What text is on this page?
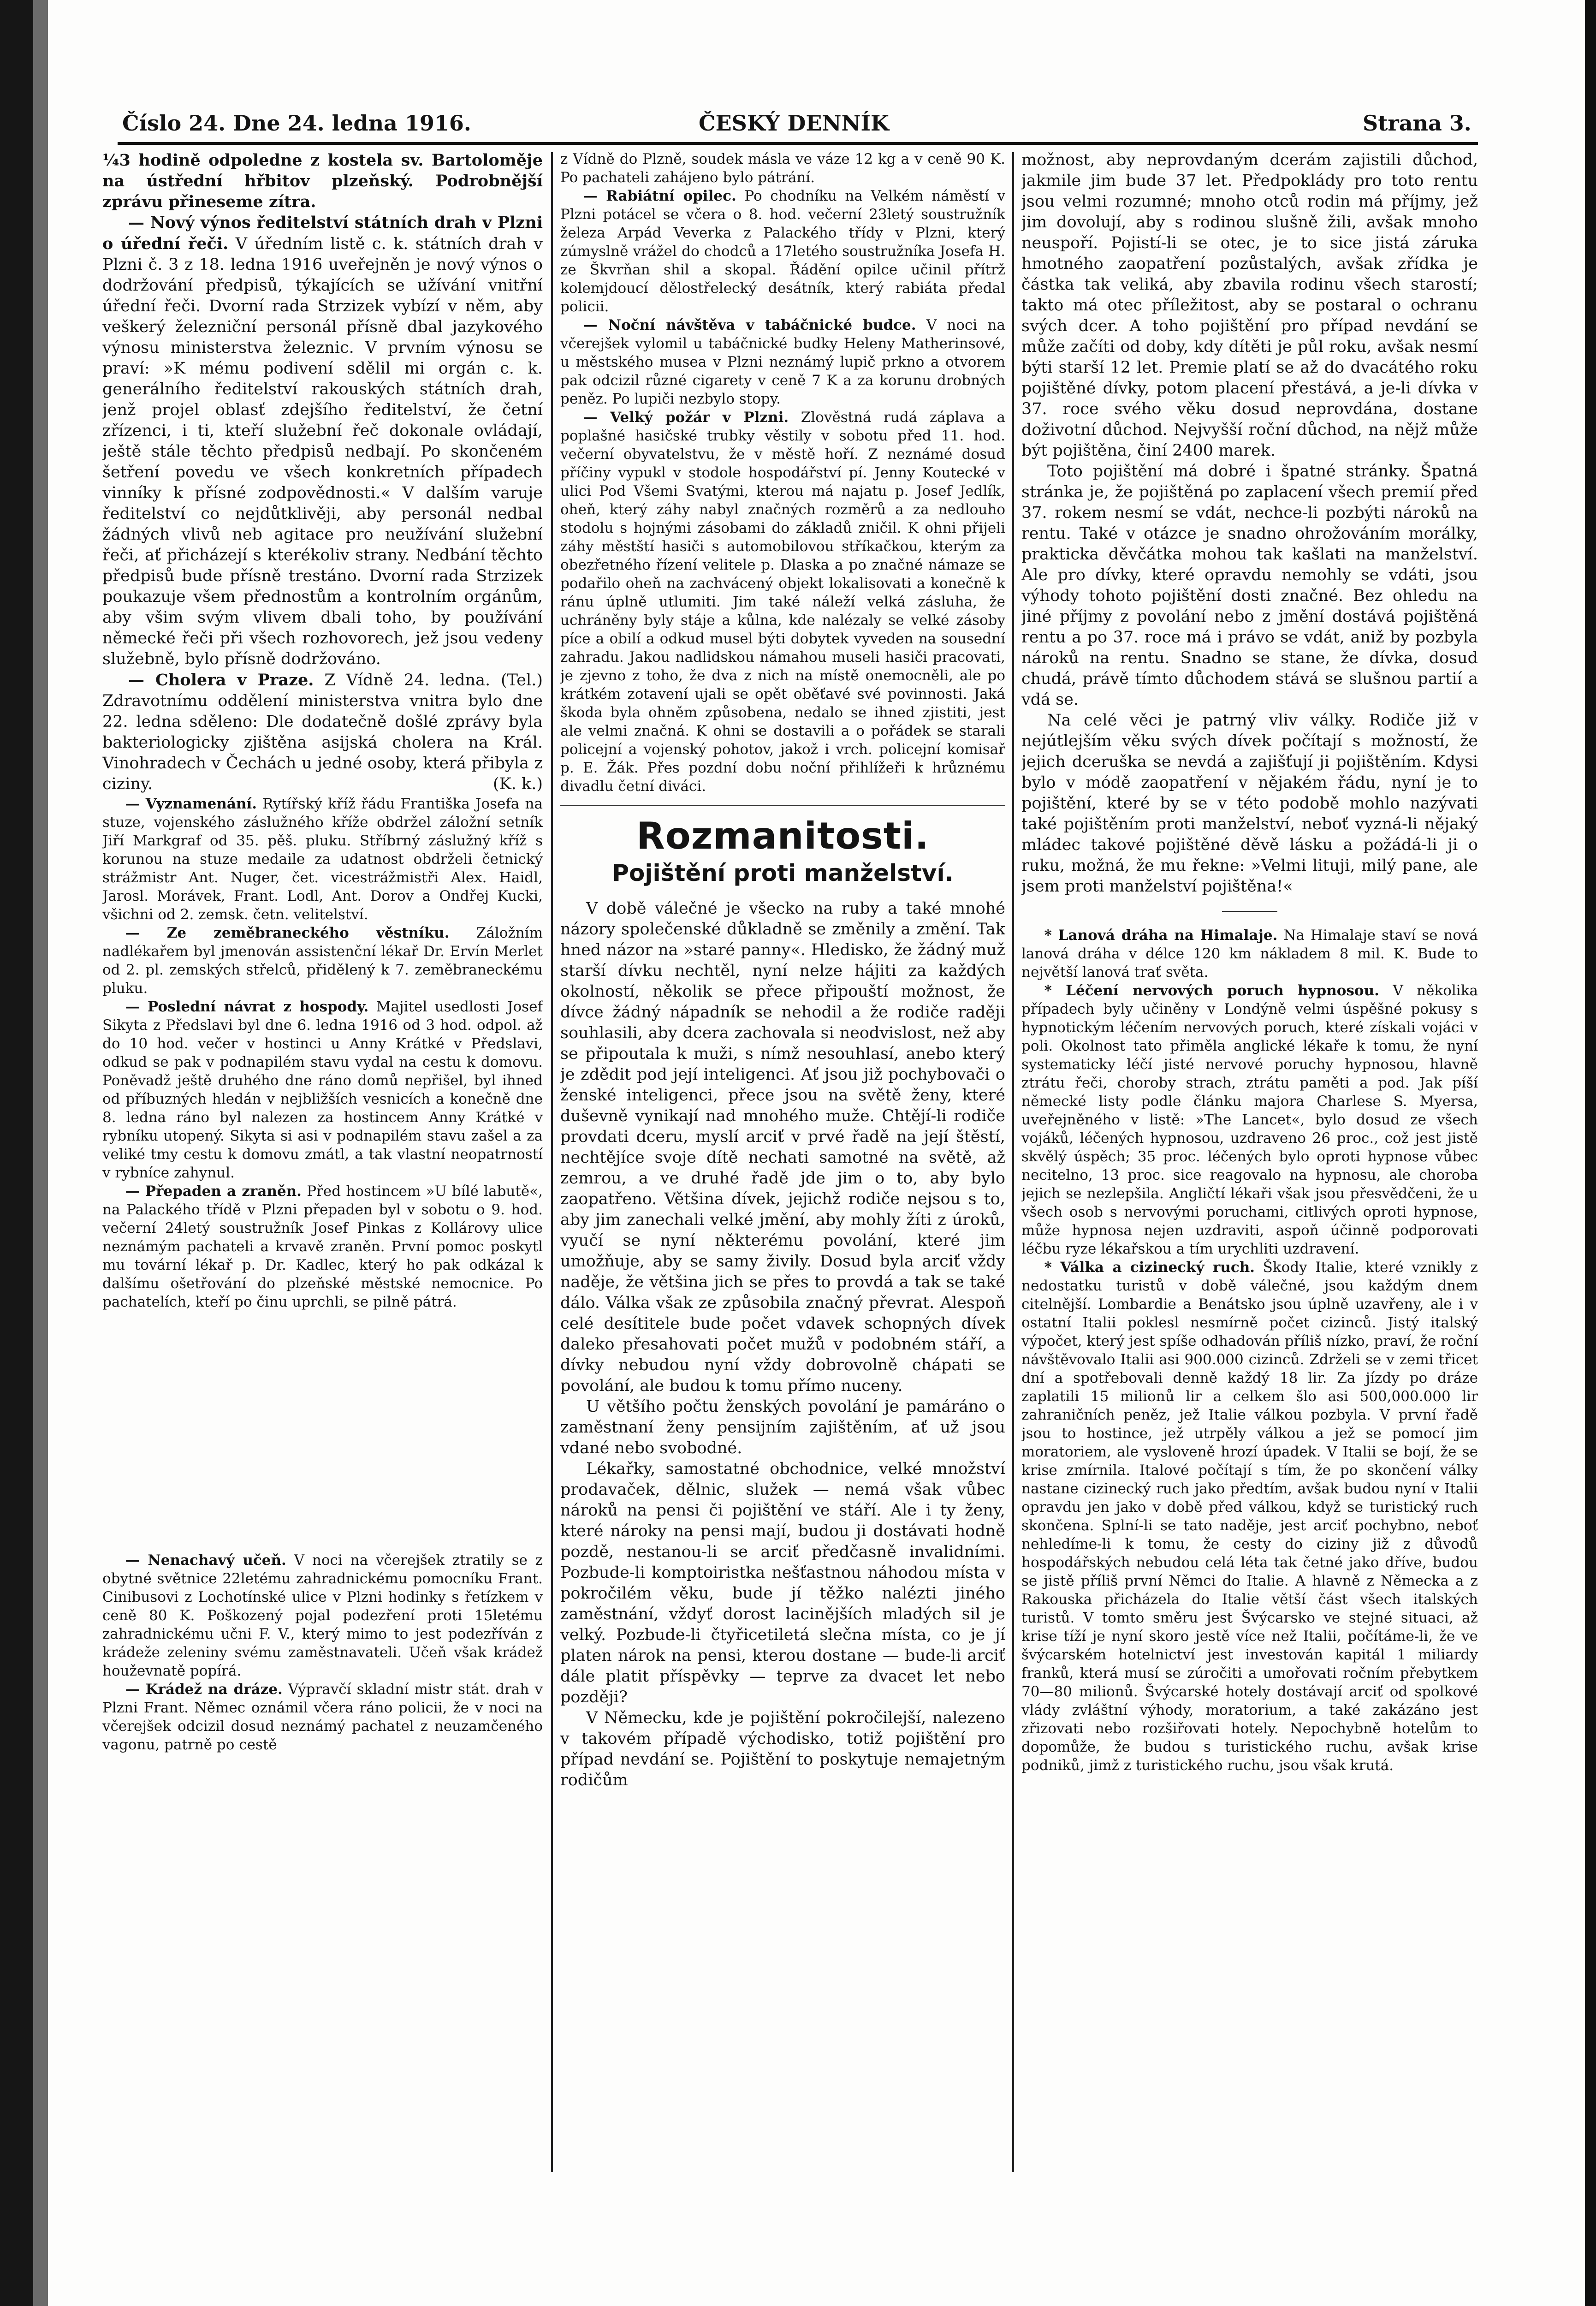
Číslo 24. Dne 24. ledna 1916.	ČESKÝ DENNÍK	Strana 3.

¼3 hodině odpoledne z kostela sv. Bartoloměje na ústřední hřbitov plzeňský. Podrobnější zprávu přineseme zítra.

— Nový výnos ředitelství státních drah v Plzni o úřední řeči. V úředním listě c. k. státních drah v Plzni č. 3 z 18. ledna 1916 uveřejněn je nový výnos o dodržování předpisů, týkajících se užívání vnitřní úřední řeči. Dvorní rada Strzizek vybízí v něm, aby veškerý železniční personál přísně dbal jazykového výnosu ministerstva železnic. V prvním výnosu se praví: »K mému podivení sdělil mi orgán c. k. generálního ředitelství rakouských státních drah, jenž projel oblasť zdejšího ředitelství, že četní zřízenci, i ti, kteří služební řeč dokonale ovládají, ještě stále těchto předpisů nedbají. Po skončeném šetření povedu ve všech konkretních případech vinníky k přísné zodpovědnosti.« V dalším varuje ředitelství co nejdůtklivěji, aby personál nedbal žádných vlivů neb agitace pro neužívání služební řeči, ať přicházejí s kterékoliv strany. Nedbání těchto předpisů bude přísně trestáno. Dvorní rada Strzizek poukazuje všem přednostům a kontrolním orgánům, aby všim svým vlivem dbali toho, by používání německé řeči při všech rozhovorech, jež jsou vedeny služebně, bylo přísně dodržováno.

— Cholera v Praze. Z Vídně 24. ledna. (Tel.) Zdravotnímu oddělení ministerstva vnitra bylo dne 22. ledna sděleno: Dle dodatečně došlé zprávy byla bakteriologicky zjištěna asijská cholera na Král. Vinohradech v Čechách u jedné osoby, která přibyla z ciziny.	(K. k.)

— Vyznamenání. Rytířský kříž řádu Františka Josefa na stuze, vojenského záslužného kříže obdržel záložní setník Jiří Markgraf od 35. pěš. pluku. Stříbrný záslužný kříž s korunou na stuze medaile za udatnost obdrželi četnický strážmistr Ant. Nuger, čet. vicestrážmistři Alex. Haidl, Jarosl. Morávek, Frant. Lodl, Ant. Dorov a Ondřej Kucki, všichni od 2. zemsk. četn. velitelství.

— Ze zeměbraneckého věstníku. Záložním nadlékařem byl jmenován assistenční lékař Dr. Ervín Merlet od 2. pl. zemských střelců, přidělený k 7. zeměbraneckému pluku.

— Poslední návrat z hospody. Majitel usedlosti Josef Sikyta z Předslavi byl dne 6. ledna 1916 od 3 hod. odpol. až do 10 hod. večer v hostinci u Anny Krátké v Předslavi, odkud se pak v podnapilém stavu vydal na cestu k domovu. Poněvadž ještě druhého dne ráno domů nepřišel, byl ihned od příbuzných hledán v nejbližších vesnicích a konečně dne 8. ledna ráno byl nalezen za hostincem Anny Krátké v rybníku utopený. Sikyta si asi v podnapilém stavu zašel a za veliké tmy cestu k domovu zmátl, a tak vlastní neopatrností v rybníce zahynul.

— Přepaden a zraněn. Před hostincem »U bílé labutě«, na Palackého třídě v Plzni přepaden byl v sobotu o 9. hod. večerní 24letý soustružník Josef Pinkas z Kollárovy ulice neznámým pachateli a krvavě zraněn. První pomoc poskytl mu tovární lékař p. Dr. Kadlec, který ho pak odkázal k dalšímu ošetřování do plzeňské městské nemocnice. Po pachatelích, kteří po činu uprchli, se pilně pátrá.

— Nenachavý učeň. V noci na včerejšek ztratily se z obytné světnice 22letému zahradnickému pomocníku Frant. Cinibusovi z Lochotínské ulice v Plzni hodinky s řetízkem v ceně 80 K. Poškozený pojal podezření proti 15letému zahradnickému učni F. V., který mimo to jest podezříván z krádeže zeleniny svému zaměstnavateli. Učeň však krádež houževnatě popírá.

— Krádež na dráze. Výpravčí skladní mistr stát. drah v Plzni Frant. Němec oznámil včera ráno policii, že v noci na včerejšek odcizil dosud neznámý pachatel z neuzamčeného vagonu, patrně po cestě

z Vídně do Plzně, soudek másla ve váze 12 kg a v ceně 90 K. Po pachateli zahájeno bylo pátrání.

— Rabiátní opilec. Po chodníku na Velkém náměstí v Plzni potácel se včera o 8. hod. večerní 23letý soustružník železa Arpád Veverka z Palackého třídy v Plzni, který zúmyslně vrážel do chodců a 17letého soustružníka Josefa H. ze Škvrňan shil a skopal. Řádění opilce učinil přítrž kolemjdoucí dělostřelecký desátník, který rabiáta předal policii.

— Noční návštěva v tabáčnické budce. V noci na včerejšek vylomil u tabáčnické budky Heleny Matherinsové, u městského musea v Plzni neznámý lupič prkno a otvorem pak odcizil různé cigarety v ceně 7 K a za korunu drobných peněz. Po lupiči nezbylo stopy.

— Velký požár v Plzni. Zlověstná rudá záplava a poplašné hasičské trubky věstily v sobotu před 11. hod. večerní obyvatelstvu, že v městě hoří. Z neznámé dosud příčiny vypukl v stodole hospodářství pí. Jenny Koutecké v ulici Pod Všemi Svatými, kterou má najatu p. Josef Jedlík, oheň, který záhy nabyl značných rozměrů a za nedlouho stodolu s hojnými zásobami do základů zničil. K ohni přijeli záhy městští hasiči s automobilovou stříkačkou, kterým za obezřetného řízení velitele p. Dlaska a po značné námaze se podařilo oheň na zachvácený objekt lokalisovati a konečně k ránu úplně utlumiti. Jim také náleží velká zásluha, že uchráněny byly stáje a kůlna, kde nalézaly se velké zásoby píce a obilí a odkud musel býti dobytek vyveden na sousední zahradu. Jakou nadlidskou námahou museli hasiči pracovati, je zjevno z toho, že dva z nich na místě onemocněli, ale po krátkém zotavení ujali se opět oběťavé své povinnosti. Jaká škoda byla ohněm způsobena, nedalo se ihned zjistiti, jest ale velmi značná. K ohni se dostavili a o pořádek se starali policejní a vojenský pohotov, jakož i vrch. policejní komisař p. E. Žák. Přes pozdní dobu noční přihlížeři k hrůznému divadlu četní diváci.

Rozmanitosti.
Pojištění proti manželství.

V době válečné je všecko na ruby a také mnohé názory společenské důkladně se změnily a změní. Tak hned názor na »staré panny«. Hledisko, že žádný muž starší dívku nechtěl, nyní nelze hájiti za každých okolností, několik se přece připouští možnost, že dívce žádný nápadník se nehodil a že rodiče raději souhlasili, aby dcera zachovala si neodvislost, než aby se připoutala k muži, s nímž nesouhlasí, anebo který je zdědit pod její inteligenci. Ať jsou již pochybovači o ženské inteligenci, přece jsou na světě ženy, které duševně vynikají nad mnohého muže. Chtějí-li rodiče provdati dceru, myslí arciť v prvé řadě na její štěstí, nechtějíce svoje dítě nechati samotné na světě, až zemrou, a ve druhé řadě jde jim o to, aby bylo zaopatřeno. Většina dívek, jejichž rodiče nejsou s to, aby jim zanechali velké jmění, aby mohly žíti z úroků, vyučí se nyní některému povolání, které jim umožňuje, aby se samy živily. Dosud byla arciť vždy naděje, že většina jich se přes to provdá a tak se také dálo. Válka však ze způsobila značný převrat. Alespoň celé desítitele bude počet vdavek schopných dívek daleko přesahovati počet mužů v podobném stáří, a dívky nebudou nyní vždy dobrovolně chápati se povolání, ale budou k tomu přímo nuceny.

U většího počtu ženských povolání je pamáráno o zaměstnaní ženy pensijním zajištěním, ať už jsou vdané nebo svobodné.

Lékařky, samostatné obchodnice, velké množství prodavaček, dělnic, služek — nemá však vůbec nároků na pensi či pojištění ve stáří. Ale i ty ženy, které nároky na pensi mají, budou ji dostávati hodně pozdě, nestanou-li se arciť předčasně invalidními. Pozbude-li komptoiristka nešťastnou náhodou místa v pokročilém věku, bude jí těžko nalézti jiného zaměstnání, vždyť dorost lacinějších mladých sil je velký. Pozbude-li čtyřicetiletá slečna místa, co je jí platen nárok na pensi, kterou dostane — bude-li arciť dále platit příspěvky — teprve za dvacet let nebo později?

V Německu, kde je pojištění pokročilejší, nalezeno v takovém případě východisko, totiž pojištění pro případ nevdání se. Pojištění to poskytuje nemajetným rodičům

možnost, aby neprovdaným dcerám zajistili důchod, jakmile jim bude 37 let. Předpoklády pro toto rentu jsou velmi rozumné; mnoho otců rodin má příjmy, jež jim dovolují, aby s rodinou slušně žili, avšak mnoho neuspoří. Pojistí-li se otec, je to sice jistá záruka hmotného zaopatření pozůstalých, avšak zřídka je částka tak veliká, aby zbavila rodinu všech starostí; takto má otec příležitost, aby se postaral o ochranu svých dcer. A toho pojištění pro případ nevdání se může začíti od doby, kdy dítěti je půl roku, avšak nesmí býti starší 12 let. Premie platí se až do dvacátého roku pojištěné dívky, potom placení přestává, a je-li dívka v 37. roce svého věku dosud neprovdána, dostane doživotní důchod. Nejvyšší roční důchod, na nějž může být pojištěna, činí 2400 marek.

Toto pojištění má dobré i špatné stránky. Špatná stránka je, že pojištěná po zaplacení všech premií před 37. rokem nesmí se vdát, nechce-li pozbýti nároků na rentu. Také v otázce je snadno ohrožováním morálky, prakticka děvčátka mohou tak kašlati na manželství. Ale pro dívky, které opravdu nemohly se vdáti, jsou výhody tohoto pojištění dosti značné. Bez ohledu na jiné příjmy z povolání nebo z jmění dostává pojištěná rentu a po 37. roce má i právo se vdát, aniž by pozbyla nároků na rentu. Snadno se stane, že dívka, dosud chudá, právě tímto důchodem stává se slušnou partií a vdá se.

Na celé věci je patrný vliv války. Rodiče již v nejútlejším věku svých dívek počítají s možností, že jejich dceruška se nevdá a zajišťují ji pojištěním. Kdysi bylo v módě zaopatření v nějakém řádu, nyní je to pojištění, které by se v této podobě mohlo nazývati také pojištěním proti manželství, neboť vyzná-li nějaký mládec takové pojištěné děvě lásku a požádá-li ji o ruku, možná, že mu řekne: »Velmi lituji, milý pane, ale jsem proti manželství pojištěna!«

* Lanová dráha na Himalaje. Na Himalaje staví se nová lanová dráha v délce 120 km nákladem 8 mil. K. Bude to největší lanová trať světa.

* Léčení nervových poruch hypnosou. V několika případech byly učiněny v Londýně velmi úspěšné pokusy s hypnotickým léčením nervových poruch, které získali vojáci v poli. Okolnost tato přiměla anglické lékaře k tomu, že nyní systematicky léčí jisté nervové poruchy hypnosou, hlavně ztrátu řeči, choroby strach, ztrátu paměti a pod. Jak píší německé listy podle článku majora Charlese S. Myersa, uveřejněného v listě: »The Lancet«, bylo dosud ze všech vojáků, léčených hypnosou, uzdraveno 26 proc., což jest jistě skvělý úspěch; 35 proc. léčených bylo oproti hypnose vůbec necitelno, 13 proc. sice reagovalo na hypnosu, ale choroba jejich se nezlepšila. Angličtí lékaři však jsou přesvědčeni, že u všech osob s nervovými poruchami, citlivých oproti hypnose, může hypnosa nejen uzdraviti, aspoň účinně podporovati léčbu ryze lékařskou a tím urychliti uzdravení.

* Válka a cizinecký ruch. Škody Italie, které vznikly z nedostatku turistů v době válečné, jsou každým dnem citelnější. Lombardie a Benátsko jsou úplně uzavřeny, ale i v ostatní Italii poklesl nesmírně počet cizinců. Jistý italský výpočet, který jest spíše odhadován příliš nízko, praví, že roční návštěvovalo Italii asi 900.000 cizinců. Zdrželi se v zemi třicet dní a spotřebovali denně každý 18 lir. Za jízdy po dráze zaplatili 15 milionů lir a celkem šlo asi 500,000.000 lir zahraničních peněz, jež Italie válkou pozbyla. V první řadě jsou to hostince, jež utrpěly válkou a jež se pomocí jim moratoriem, ale vysloveně hrozí úpadek. V Italii se bojí, že se krise zmírnila. Italové počítají s tím, že po skončení války nastane cizinecký ruch jako předtím, avšak budou nyní v Italii opravdu jen jako v době před válkou, když se turistický ruch skončena. Splní-li se tato naděje, jest arciť pochybno, neboť nehledíme-li k tomu, že cesty do ciziny již z důvodů hospodářských nebudou celá léta tak četné jako dříve, budou se jistě příliš první Němci do Italie. A hlavně z Německa a z Rakouska přicházela do Italie větší část všech italských turistů. V tomto směru jest Švýcarsko ve stejné situaci, až krise tíží je nyní skoro jestě více než Italii, počítáme-li, že ve švýcarském hotelnictví jest investován kapitál 1 miliardy franků, která musí se zúročiti a umořovati ročním přebytkem 70—80 milionů. Švýcarské hotely dostávají arciť od spolkové vlády zvláštní výhody, moratorium, a také zakázáno jest zřizovati nebo rozšiřovati hotely. Nepochybně hotelům to dopomůže, že budou s turistického ruchu, avšak krise podniků, jimž z turistického ruchu, jsou však krutá.
